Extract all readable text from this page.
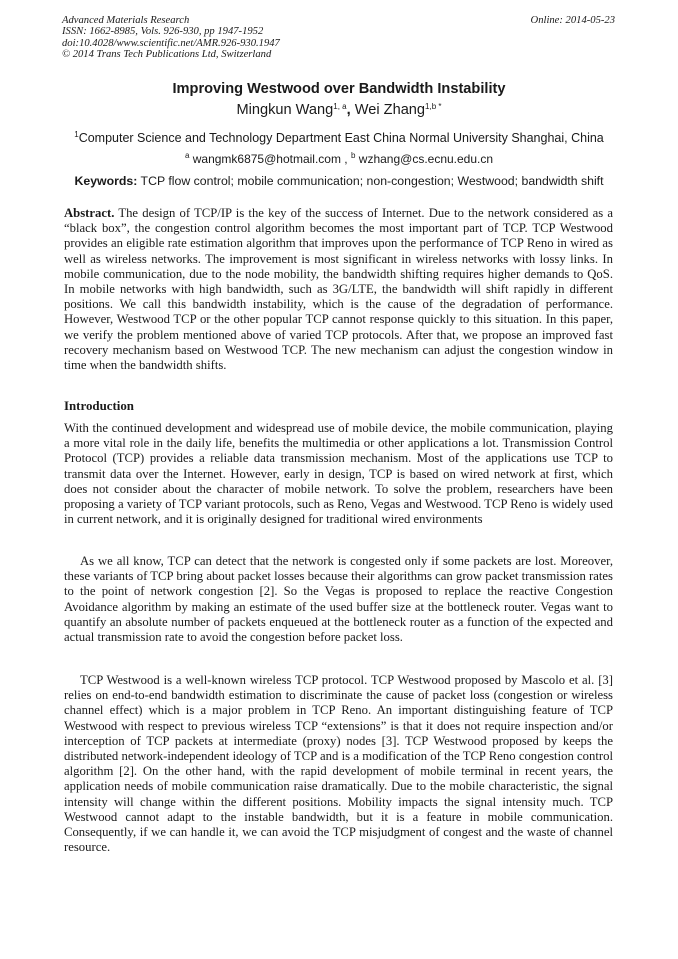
Advanced Materials Research
ISSN: 1662-8985, Vols. 926-930, pp 1947-1952
doi:10.4028/www.scientific.net/AMR.926-930.1947
© 2014 Trans Tech Publications Ltd, Switzerland
Online: 2014-05-23
Improving Westwood over Bandwidth Instability
Mingkun Wang$^{1, a}$, Wei Zhang$^{1,b *}$
$^1$Computer Science and Technology Department East China Normal University Shanghai, China
$^a$ wangmk6875@hotmail.com , $^b$ wzhang@cs.ecnu.edu.cn
Keywords: TCP flow control; mobile communication; non-congestion; Westwood; bandwidth shift

Abstract. The design of TCP/IP is the key of the success of Internet. Due to the network considered as a “black box”, the congestion control algorithm becomes the most important part of TCP. TCP Westwood provides an eligible rate estimation algorithm that improves upon the performance of TCP Reno in wired as well as wireless networks. The improvement is most significant in wireless networks with lossy links. In mobile communication, due to the node mobility, the bandwidth shifting requires higher demands to QoS. In mobile networks with high bandwidth, such as 3G/LTE, the bandwidth will shift rapidly in different positions. We call this bandwidth instability, which is the cause of the degradation of performance. However, Westwood TCP or the other popular TCP cannot response quickly to this situation. In this paper, we verify the problem mentioned above of varied TCP protocols. After that, we propose an improved fast recovery mechanism based on Westwood TCP. The new mechanism can adjust the congestion window in time when the bandwidth shifts.

Introduction

With the continued development and widespread use of mobile device, the mobile communication, playing a more vital role in the daily life, benefits the multimedia or other applications a lot. Transmission Control Protocol (TCP) provides a reliable data transmission mechanism. Most of the applications use TCP to transmit data over the Internet. However, early in design, TCP is based on wired network at first, which does not consider about the character of mobile network. To solve the problem, researchers have been proposing a variety of TCP variant protocols, such as Reno, Vegas and Westwood. TCP Reno is widely used in current network, and it is originally designed for traditional wired environments

As we all know, TCP can detect that the network is congested only if some packets are lost. Moreover, these variants of TCP bring about packet losses because their algorithms can grow packet transmission rates to the point of network congestion [2]. So the Vegas is proposed to replace the reactive Congestion Avoidance algorithm by making an estimate of the used buffer size at the bottleneck router. Vegas want to quantify an absolute number of packets enqueued at the bottleneck router as a function of the expected and actual transmission rate to avoid the congestion before packet loss.

TCP Westwood is a well-known wireless TCP protocol. TCP Westwood proposed by Mascolo et al. [3] relies on end-to-end bandwidth estimation to discriminate the cause of packet loss (congestion or wireless channel effect) which is a major problem in TCP Reno. An important distinguishing feature of TCP Westwood with respect to previous wireless TCP “extensions” is that it does not require inspection and/or interception of TCP packets at intermediate (proxy) nodes [3]. TCP Westwood proposed by keeps the distributed network-independent ideology of TCP and is a modification of the TCP Reno congestion control algorithm [2]. On the other hand, with the rapid development of mobile terminal in recent years, the application needs of mobile communication raise dramatically. Due to the mobile characteristic, the signal intensity will change within the different positions. Mobility impacts the signal intensity much. TCP Westwood cannot adapt to the instable bandwidth, but it is a feature in mobile communication. Consequently, if we can handle it, we can avoid the TCP misjudgment of congest and the waste of channel resource.
